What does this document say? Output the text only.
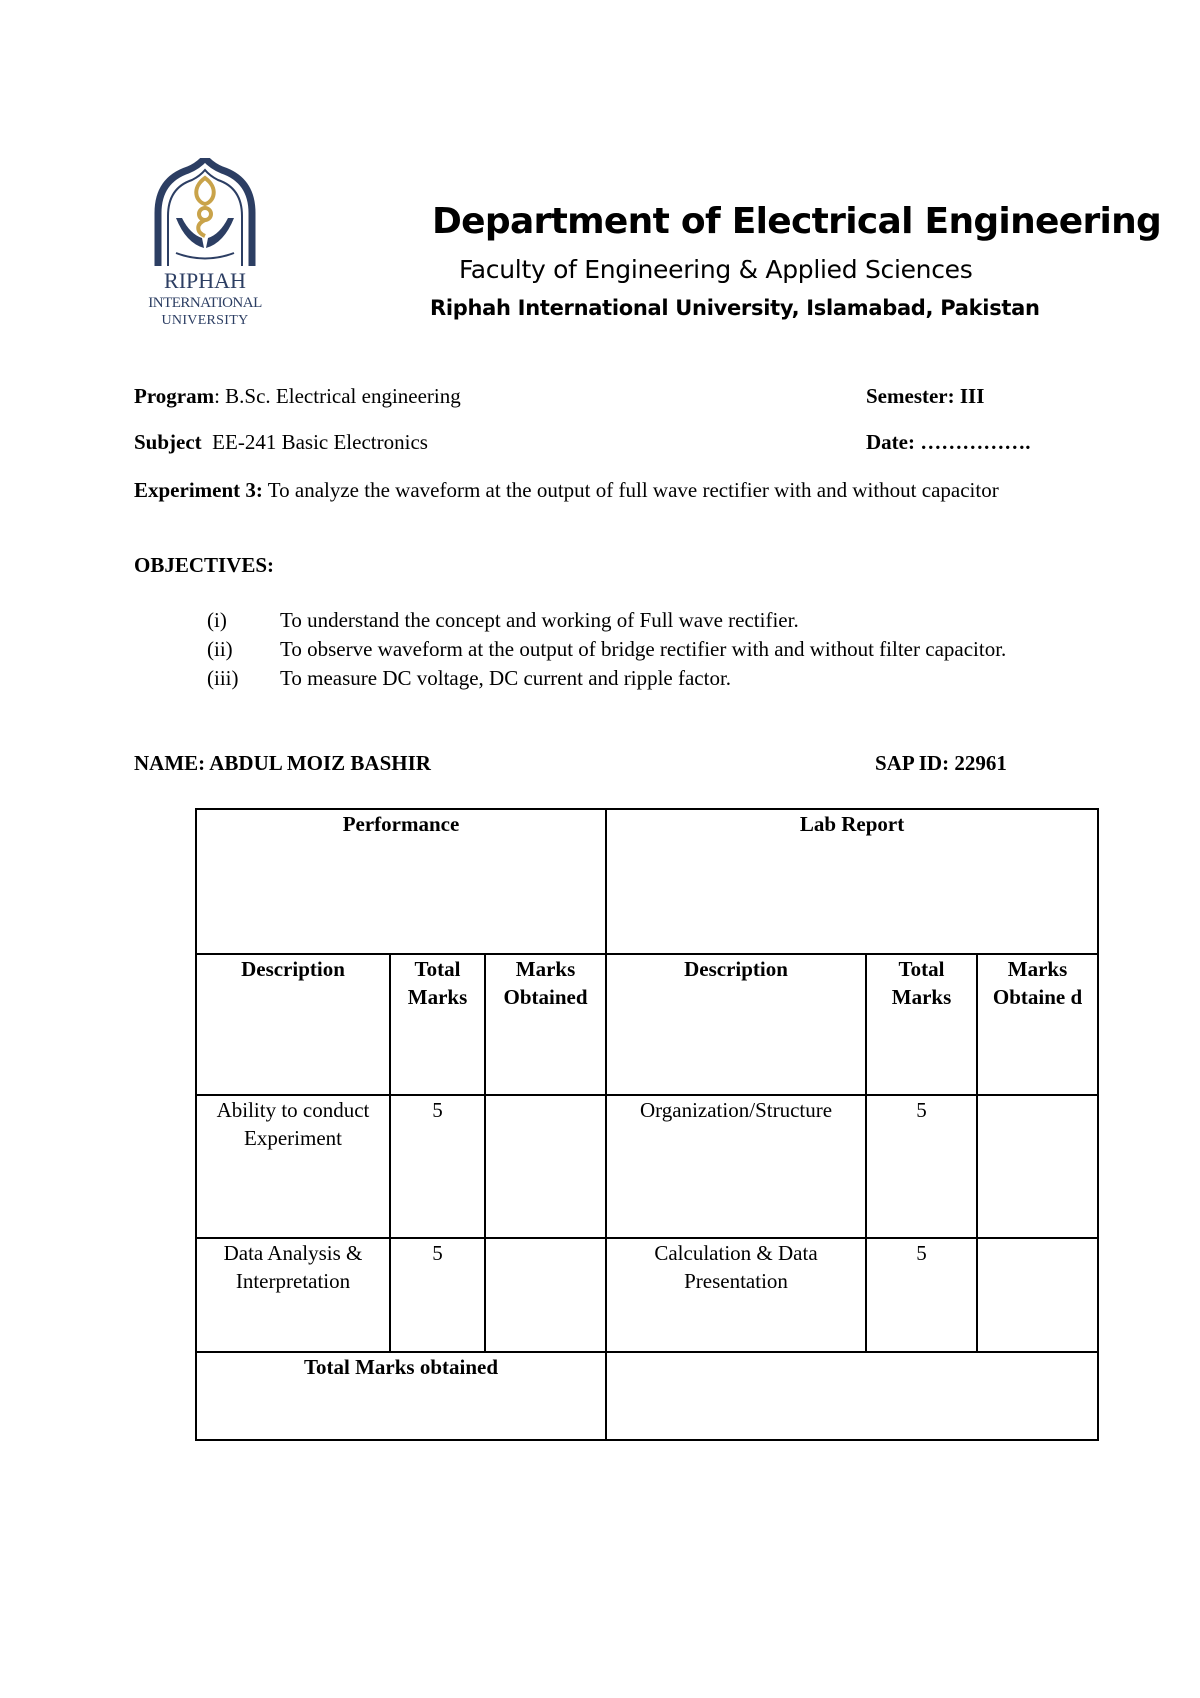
RIPHAH
INTERNATIONAL
UNIVERSITY
Department of Electrical Engineering
Faculty of Engineering & Applied Sciences
Riphah International University, Islamabad, Pakistan
Program: B.Sc. Electrical engineering	Semester: III
Subject  EE-241 Basic Electronics	Date: …………….
Experiment 3: To analyze the waveform at the output of full wave rectifier with and without capacitor
OBJECTIVES:
(i)	To understand the concept and working of Full wave rectifier.
(ii)	To observe waveform at the output of bridge rectifier with and without filter capacitor.
(iii)	To measure DC voltage, DC current and ripple factor.
NAME: ABDUL MOIZ BASHIR	SAP ID: 22961
Performance			Lab Report		
Description	Total Marks	Marks Obtained	Description	Total Marks	Marks Obtaine d
Ability to conduct Experiment	5		Organization/Structure	5	
Data Analysis & Interpretation	5		Calculation & Data Presentation	5	
Total Marks obtained					
